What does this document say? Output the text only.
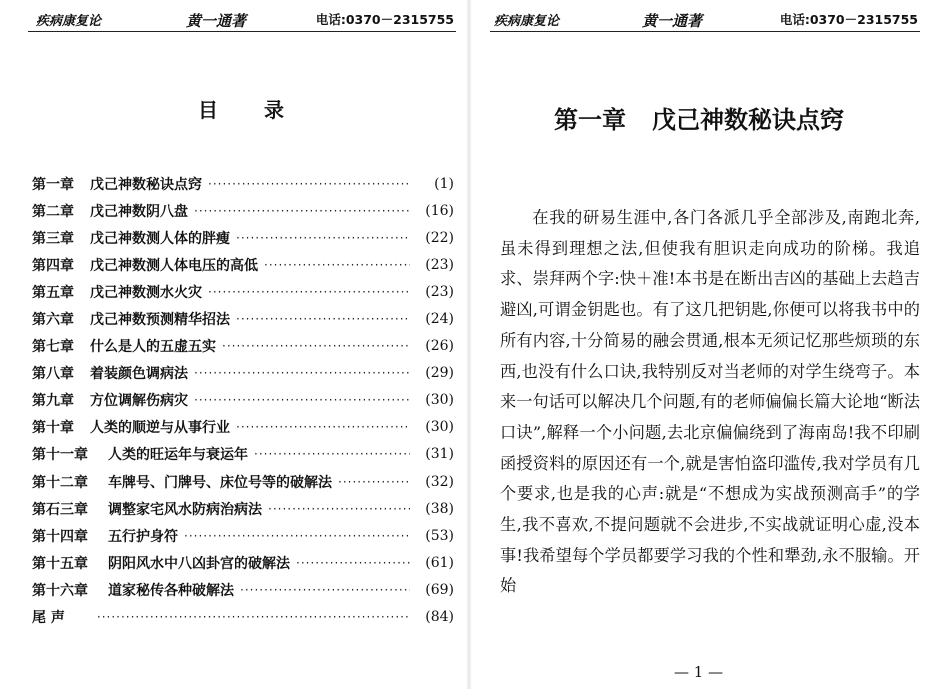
疾病康复论	黄一通著	电话:0370－2315755
目录
第一章 戊己神数秘诀点窍 ·····	(1)
第二章 戊己神数阴八盘 ·····	(16)
第三章 戊己神数测人体的胖瘦 ·····	(22)
第四章 戊己神数测人体电压的高低 ·····	(23)
第五章 戊己神数测水火灾 ·····	(23)
第六章 戊己神数预测精华招法 ·····	(24)
第七章 什么是人的五虚五实 ·····	(26)
第八章 着装颜色调病法 ·····	(29)
第九章 方位调解伤病灾 ·····	(30)
第十章 人类的顺逆与从事行业 ·····	(30)
第十一章 人类的旺运年与衰运年 ·····	(31)
第十二章 车牌号、门牌号、床位号等的破解法 ·····	(32)
第石三章 调整家宅风水防病治病法 ·····	(38)
第十四章 五行护身符 ·····	(53)
第十五章 阴阳风水中八凶卦宫的破解法 ·····	(61)
第十六章 道家秘传各种破解法 ·····	(69)
尾 声 ·····	(84)
疾病康复论	黄一通著	电话:0370－2315755
第一章 戊己神数秘诀点窍

在我的研易生涯中,各门各派几乎全部涉及,南跑北奔,虽未得到理想之法,但使我有胆识走向成功的阶梯。我追求、崇拜两个字:快＋准!本书是在断出吉凶的基础上去趋吉避凶,可谓金钥匙也。有了这几把钥匙,你便可以将我书中的所有内容,十分简易的融会贯通,根本无须记忆那些烦琐的东西,也没有什么口诀,我特别反对当老师的对学生绕弯子。本来一句话可以解决几个问题,有的老师偏偏长篇大论地“断法口诀”,解释一个小问题,去北京偏偏绕到了海南岛!我不印刷函授资料的原因还有一个,就是害怕盗印滥传,我对学员有几个要求,也是我的心声:就是“不想成为实战预测高手”的学生,我不喜欢,不提问题就不会进步,不实战就证明心虚,没本事!我希望每个学员都要学习我的个性和犟劲,永不服输。开始

— 1 —
